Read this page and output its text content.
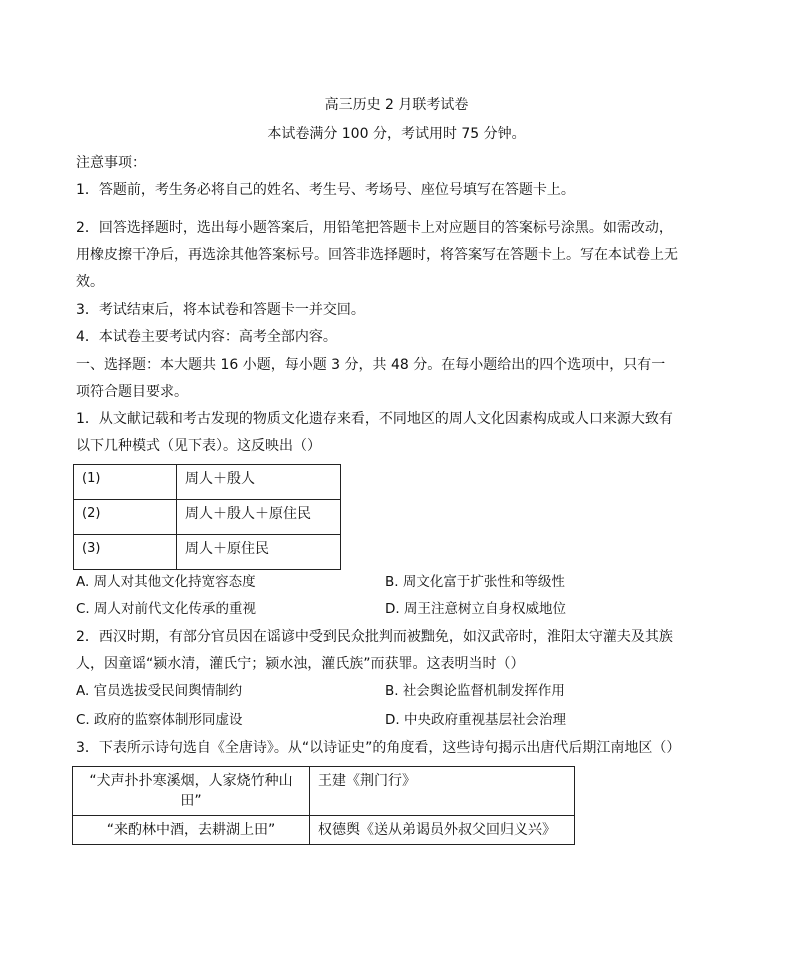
高三历史 2 月联考试卷
本试卷满分 100 分，考试用时 75 分钟。
注意事项：
1．答题前，考生务必将自己的姓名、考生号、考场号、座位号填写在答题卡上。
2．回答选择题时，选出每小题答案后，用铅笔把答题卡上对应题目的答案标号涂黑。如需改动，
用橡皮擦干净后，再选涂其他答案标号。回答非选择题时，将答案写在答题卡上。写在本试卷上无
效。
3．考试结束后，将本试卷和答题卡一并交回。
4．本试卷主要考试内容：高考全部内容。
一、选择题：本大题共 16 小题，每小题 3 分，共 48 分。在每小题给出的四个选项中，只有一
项符合题目要求。
1．从文献记载和考古发现的物质文化遗存来看，不同地区的周人文化因素构成或人口来源大致有
以下几种模式（见下表）。这反映出（）
(1)	周人＋殷人
(2)	周人＋殷人＋原住民
(3)	周人＋原住民
A. 周人对其他文化持宽容态度	B. 周文化富于扩张性和等级性
C. 周人对前代文化传承的重视	D. 周王注意树立自身权威地位
2．西汉时期，有部分官员因在谣谚中受到民众批判而被黜免，如汉武帝时，淮阳太守灌夫及其族
人，因童谣“颍水清，灌氏宁；颍水浊，灌氏族”而获罪。这表明当时（）
A. 官员选拔受民间舆情制约	B. 社会舆论监督机制发挥作用
C. 政府的监察体制形同虚设	D. 中央政府重视基层社会治理
3．下表所示诗句选自《全唐诗》。从“以诗证史”的角度看，这些诗句揭示出唐代后期江南地区（）
“犬声扑扑寒溪烟，人家烧竹种山
田”	王建《荆门行》

“来酌林中酒，去耕湖上田”	权德舆《送从弟谒员外叔父回归义兴》
